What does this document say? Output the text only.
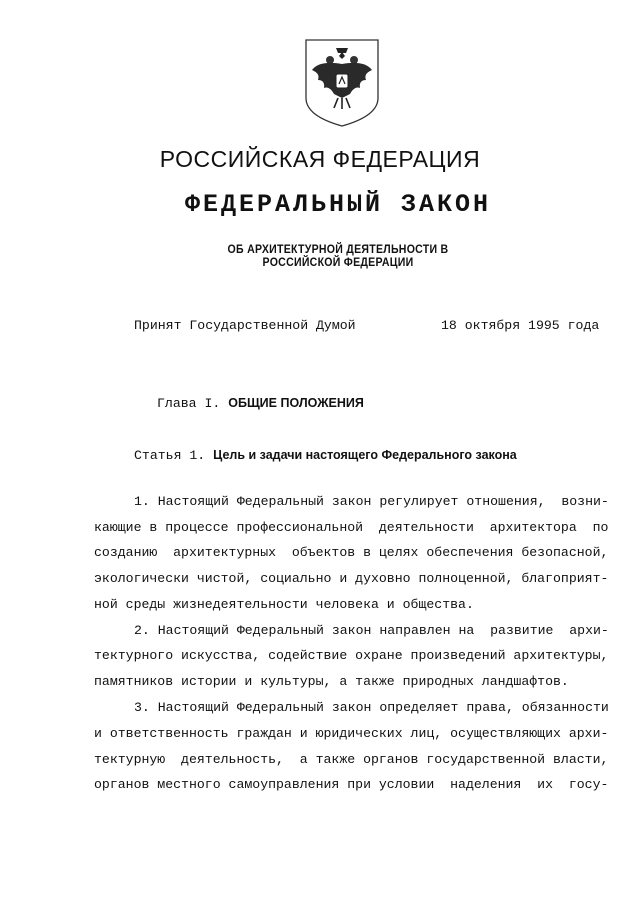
РОССИЙСКАЯ ФЕДЕРАЦИЯ
ФЕДЕРАЛЬНЫЙ ЗАКОН
ОБ АРХИТЕКТУРНОЙ ДЕЯТЕЛЬНОСТИ В
РОССИЙСКОЙ ФЕДЕРАЦИИ
Принят Государственной Думой	18 октября 1995 года
Глава I. ОБЩИЕ ПОЛОЖЕНИЯ
Статья 1. Цель и задачи настоящего Федерального закона
1. Настоящий Федеральный закон регулирует отношения,  возни-
кающие в процессе профессиональной  деятельности  архитектора  по
созданию  архитектурных  объектов в целях обеспечения безопасной,
экологически чистой, социально и духовно полноценной, благоприят-
ной среды жизнедеятельности человека и общества.
2. Настоящий Федеральный закон направлен на  развитие  архи-
тектурного искусства, содействие охране произведений архитектуры,
памятников истории и культуры, а также природных ландшафтов.
3. Настоящий Федеральный закон определяет права, обязанности
и ответственность граждан и юридических лиц, осуществляющих архи-
тектурную  деятельность,  а также органов государственной власти,
органов местного самоуправления при условии  наделения  их  госу-
